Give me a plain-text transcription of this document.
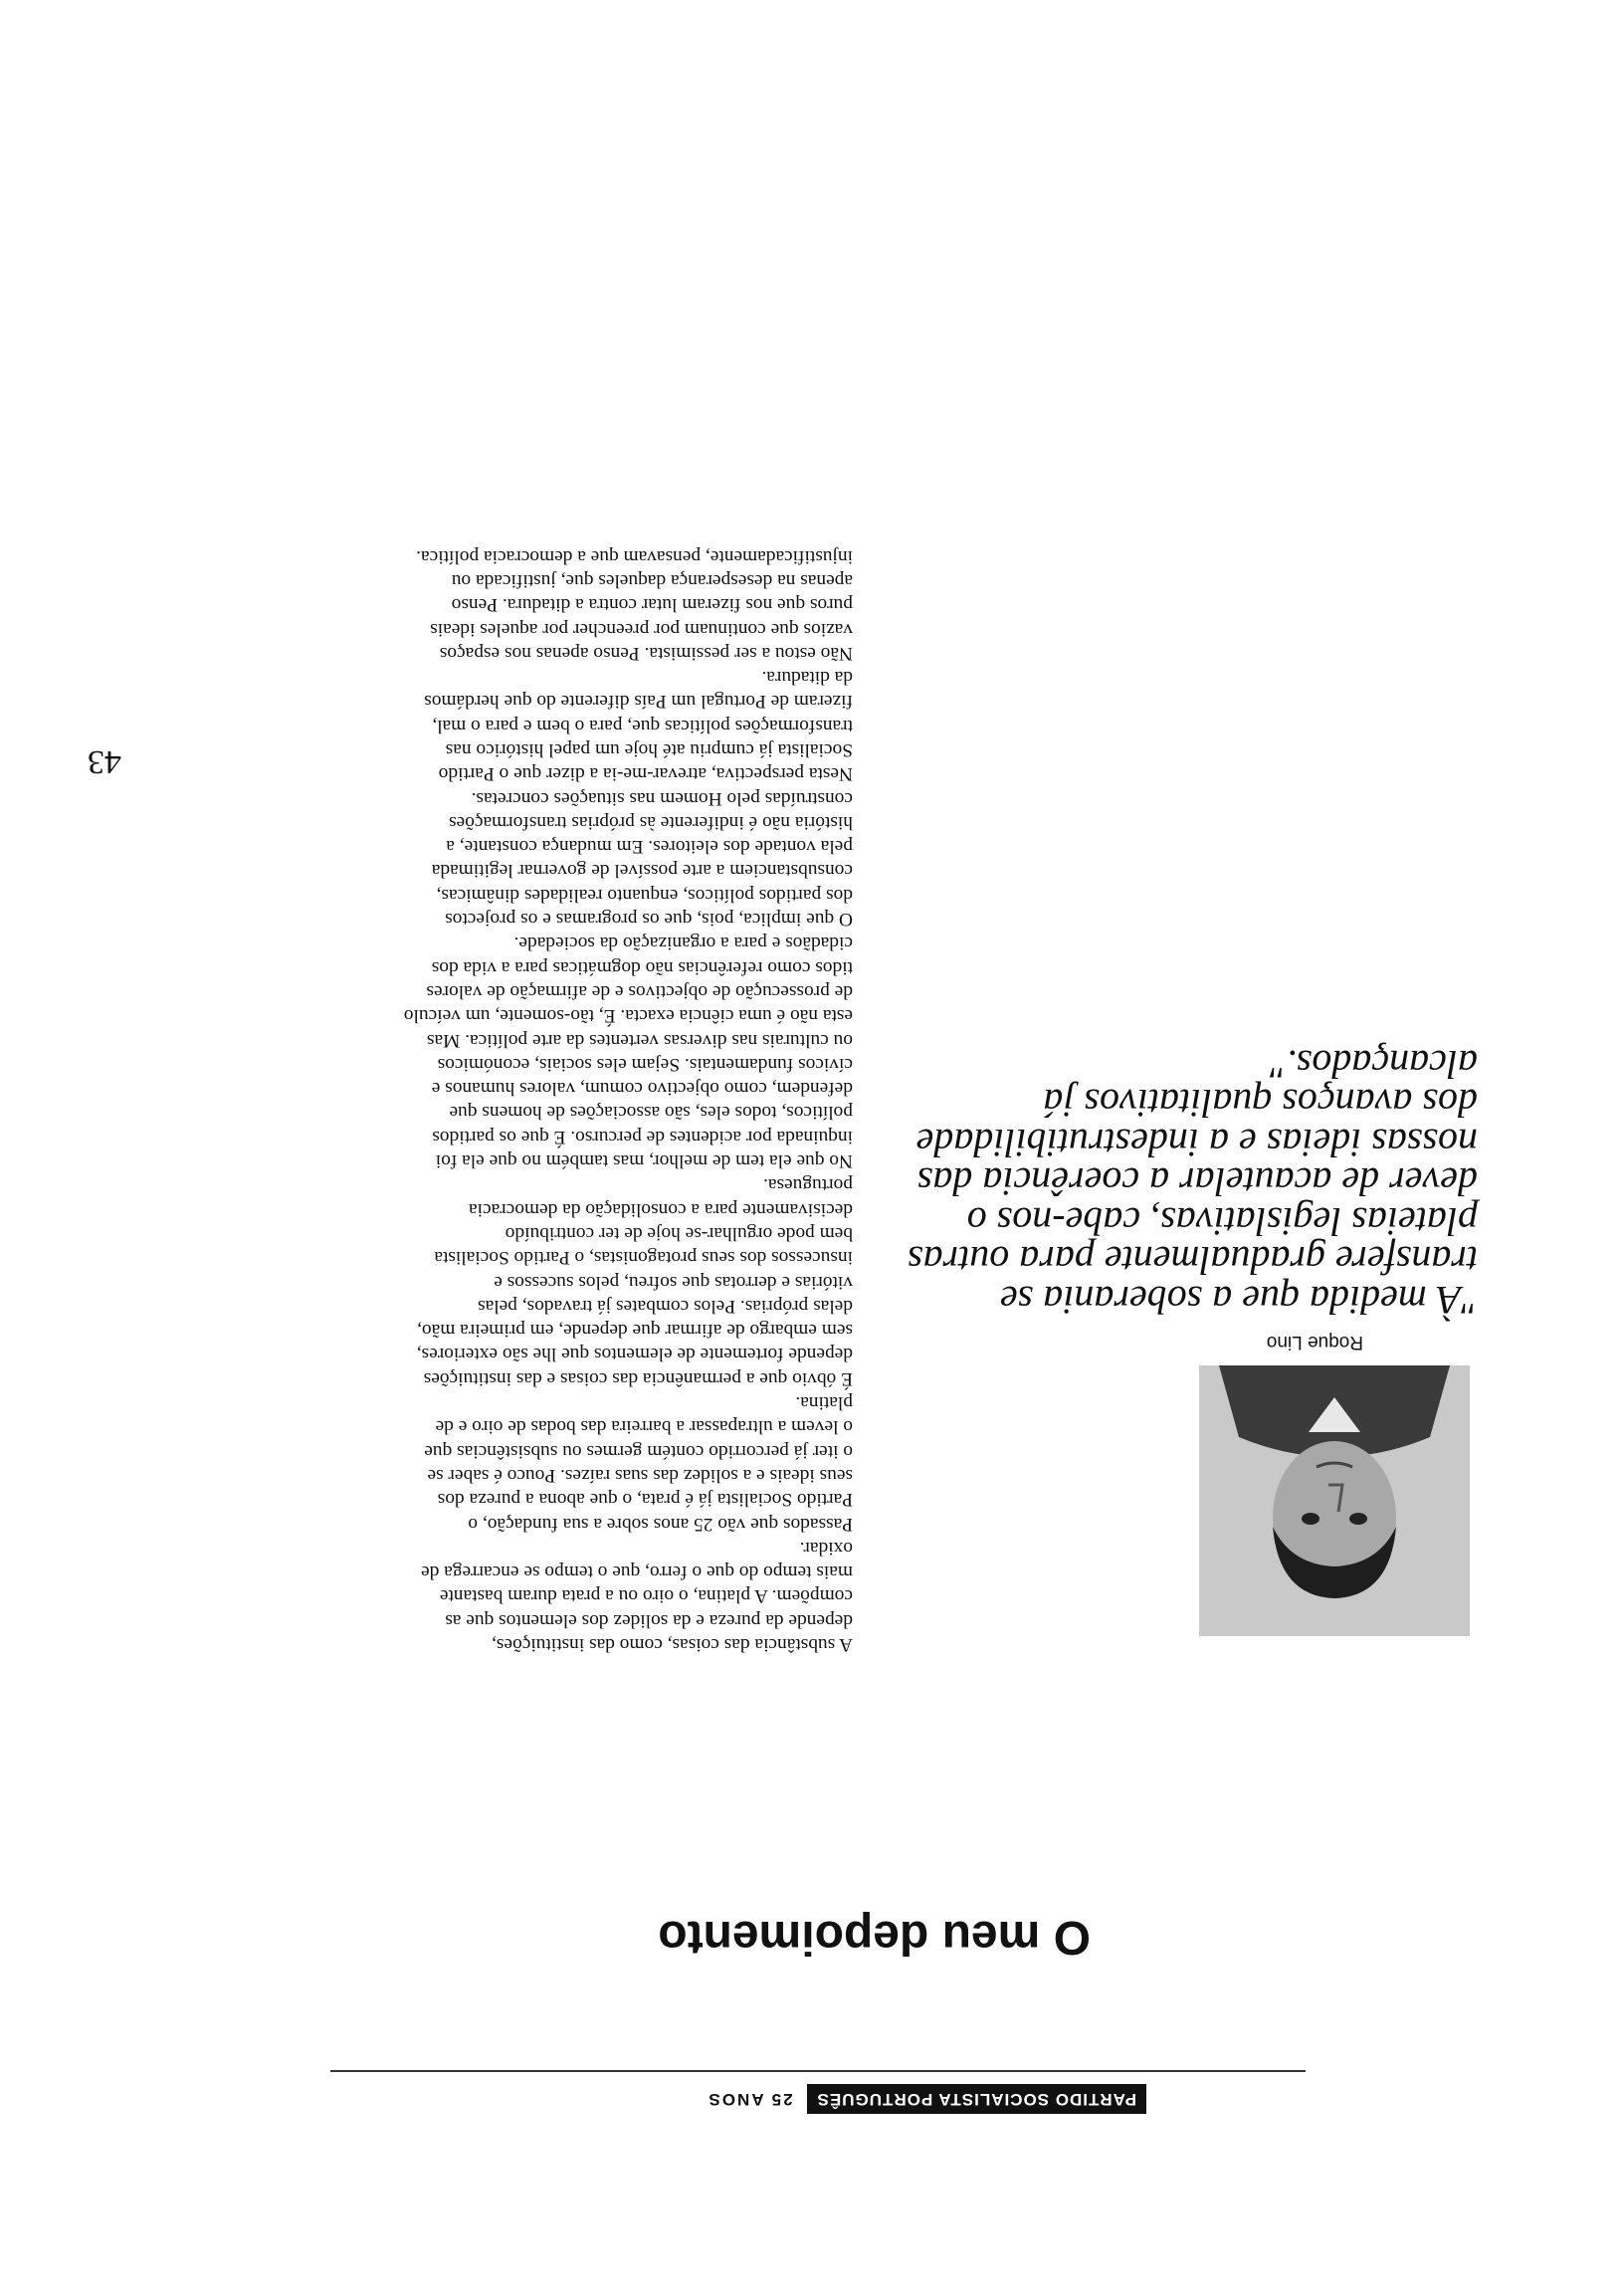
PARTIDO SOCIALISTA PORTUGUÊS
25 ANOS
O meu depoimento
Roque Lino
"À medida que a soberania se
transfere gradualmente para outras
plateias legislativas, cabe-nos o
dever de acautelar a coerência das
nossas ideias e a indestrutibilidade
dos avanços qualitativos já
alcançados."

A substância das coisas, como das instituições,
depende da pureza e da solidez dos elementos que as
compõem. A platina, o oiro ou a prata duram bastante
mais tempo do que o ferro, que o tempo se encarrega de
oxidar.

Passados que vão 25 anos sobre a sua fundação, o
Partido Socialista já é prata, o que abona a pureza dos
seus ideais e a solidez das suas raízes. Pouco é saber se
o iter já percorrido contém germes ou subsistências que
o levem a ultrapassar a barreira das bodas de oiro e de
platina.

É óbvio que a permanência das coisas e das instituições
depende fortemente de elementos que lhe são exteriores,
sem embargo de afirmar que depende, em primeira mão,
delas próprias. Pelos combates já travados, pelas
vitórias e derrotas que sofreu, pelos sucessos e
insucessos dos seus protagonistas, o Partido Socialista
bem pode orgulhar-se hoje de ter contribuído
decisivamente para a consolidação da democracia
portuguesa.

No que ela tem de melhor, mas também no que ela foi
inquinada por acidentes de percurso. É que os partidos
políticos, todos eles, são associações de homens que
defendem, como objectivo comum, valores humanos e
cívicos fundamentais. Sejam eles sociais, económicos
ou culturais nas diversas vertentes da arte política. Mas
esta não é uma ciência exacta. É, tão-somente, um veículo
de prossecução de objectivos e de afirmação de valores
tidos como referências não dogmáticas para a vida dos
cidadãos e para a organização da sociedade.

O que implica, pois, que os programas e os projectos
dos partidos políticos, enquanto realidades dinâmicas,
consubstanciem a arte possível de governar legitimada
pela vontade dos eleitores. Em mudança constante, a
história não é indiferente às próprias transformações
construídas pelo Homem nas situações concretas.

Nesta perspectiva, atrevar-me-ia a dizer que o Partido
Socialista já cumpriu até hoje um papel histórico nas
transformações políticas que, para o bem e para o mal,
fizeram de Portugal um País diferente do que herdámos
da ditadura.

Não estou a ser pessimista. Penso apenas nos espaços
vazios que continuam por preencher por aqueles ideais
puros que nos fizeram lutar contra a ditadura. Penso
apenas na desesperança daqueles que, justificada ou
injustificadamente, pensavam que a democracia política.

43
